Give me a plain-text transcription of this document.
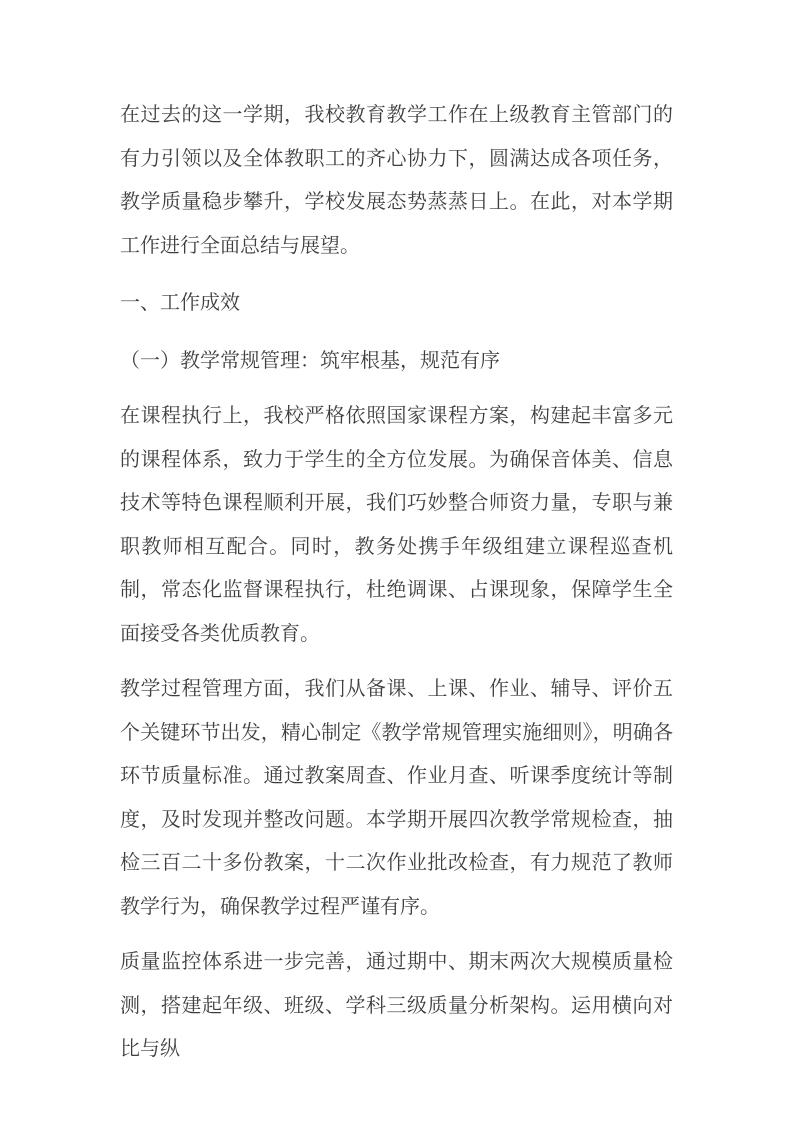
在过去的这一学期，我校教育教学工作在上级教育主管部门的有力引领以及全体教职工的齐心协力下，圆满达成各项任务，教学质量稳步攀升，学校发展态势蒸蒸日上。在此，对本学期工作进行全面总结与展望。

一、工作成效

（一）教学常规管理：筑牢根基，规范有序

在课程执行上，我校严格依照国家课程方案，构建起丰富多元的课程体系，致力于学生的全方位发展。为确保音体美、信息技术等特色课程顺利开展，我们巧妙整合师资力量，专职与兼职教师相互配合。同时，教务处携手年级组建立课程巡查机制，常态化监督课程执行，杜绝调课、占课现象，保障学生全面接受各类优质教育。

教学过程管理方面，我们从备课、上课、作业、辅导、评价五个关键环节出发，精心制定《教学常规管理实施细则》，明确各环节质量标准。通过教案周查、作业月查、听课季度统计等制度，及时发现并整改问题。本学期开展四次教学常规检查，抽检三百二十多份教案，十二次作业批改检查，有力规范了教师教学行为，确保教学过程严谨有序。

质量监控体系进一步完善，通过期中、期末两次大规模质量检测，搭建起年级、班级、学科三级质量分析架构。运用横向对比与纵
